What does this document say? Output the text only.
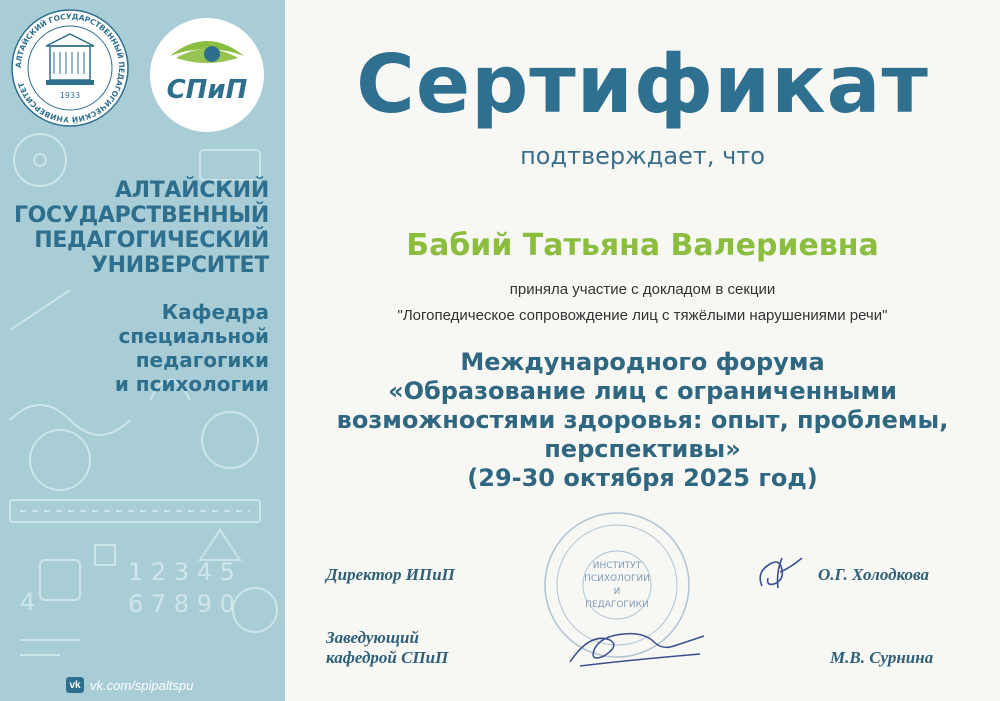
1 2 3 4 5
6 7 8 9 0
4
АЛТАЙСКИЙ ГОСУДАРСТВЕННЫЙ ПЕДАГОГИЧЕСКИЙ УНИВЕРСИТЕТ
1933	СПиП
АЛТАЙСКИЙ
ГОСУДАРСТВЕННЫЙ
ПЕДАГОГИЧЕСКИЙ
УНИВЕРСИТЕТ
Кафедра
специальной
педагогики
и психологии
vk vk.com/spipaltspu
Сертификат
подтверждает, что
Бабий Татьяна Валериевна
приняла участие с докладом в секции
"Логопедическое сопровождение лиц с тяжёлыми нарушениями речи"
Международного форума
«Образование лиц с ограниченными
возможностями здоровья: опыт, проблемы,
перспективы»
(29-30 октября 2025 год)
ИНСТИТУТ
ПСИХОЛОГИИ
И
ПЕДАГОГИКИ
Директор ИПиП	О.Г. Холодкова
Заведующий
кафедрой СПиП	М.В. Сурнина
